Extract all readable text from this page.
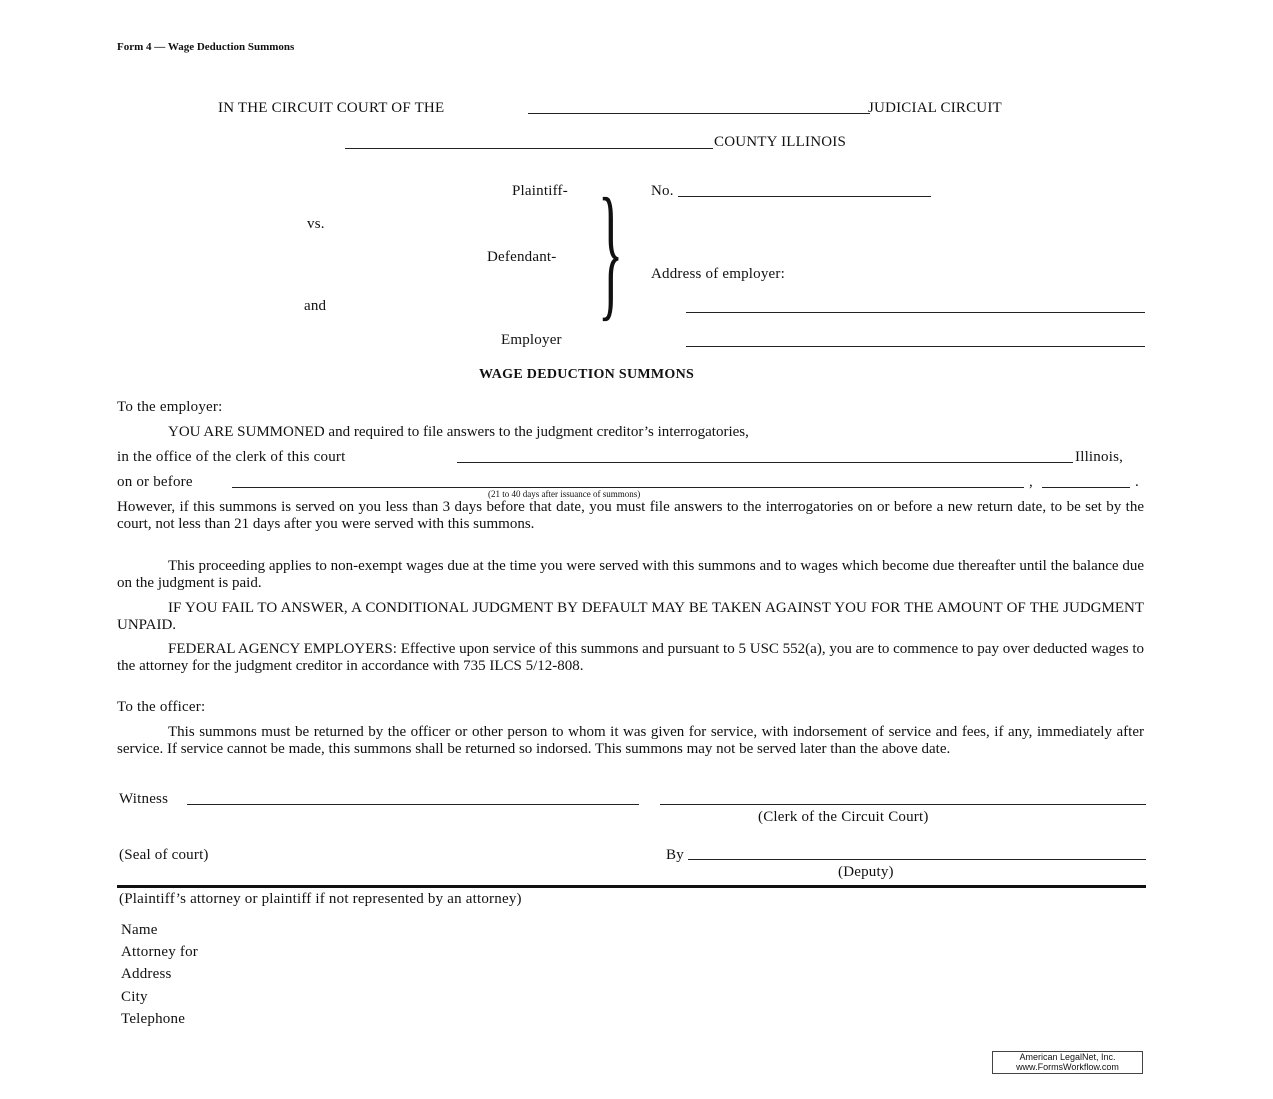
Form 4 — Wage Deduction Summons
IN THE CIRCUIT COURT OF THE	JUDICIAL CIRCUIT
COUNTY ILLINOIS
Plaintiff-
vs.
Defendant-
and
Employer
} No.
Address of employer:
WAGE DEDUCTION SUMMONS
To the employer:
YOU ARE SUMMONED and required to file answers to the judgment creditor’s interrogatories,
in the office of the clerk of this court	Illinois,
on or before	,	.
(21 to 40 days after issuance of summons)
However, if this summons is served on you less than 3 days before that date, you must file answers to the interrogatories on or before a new return date, to be set by the court, not less than 21 days after you were served with this summons.
This proceeding applies to non-exempt wages due at the time you were served with this summons and to wages which become due thereafter until the balance due on the judgment is paid.
IF YOU FAIL TO ANSWER, A CONDITIONAL JUDGMENT BY DEFAULT MAY BE TAKEN AGAINST YOU FOR THE AMOUNT OF THE JUDGMENT UNPAID.
FEDERAL AGENCY EMPLOYERS: Effective upon service of this summons and pursuant to 5 USC 552(a), you are to commence to pay over deducted wages to the attorney for the judgment creditor in accordance with 735 ILCS 5/12-808.
To the officer:
This summons must be returned by the officer or other person to whom it was given for service, with indorsement of service and fees, if any, immediately after service. If service cannot be made, this summons shall be returned so indorsed. This summons may not be served later than the above date.
Witness
(Clerk of the Circuit Court)
(Seal of court)	By
(Deputy)
(Plaintiff’s attorney or plaintiff if not represented by an attorney)
Name
Attorney for
Address
City
Telephone
American LegalNet, Inc.
www.FormsWorkflow.com
